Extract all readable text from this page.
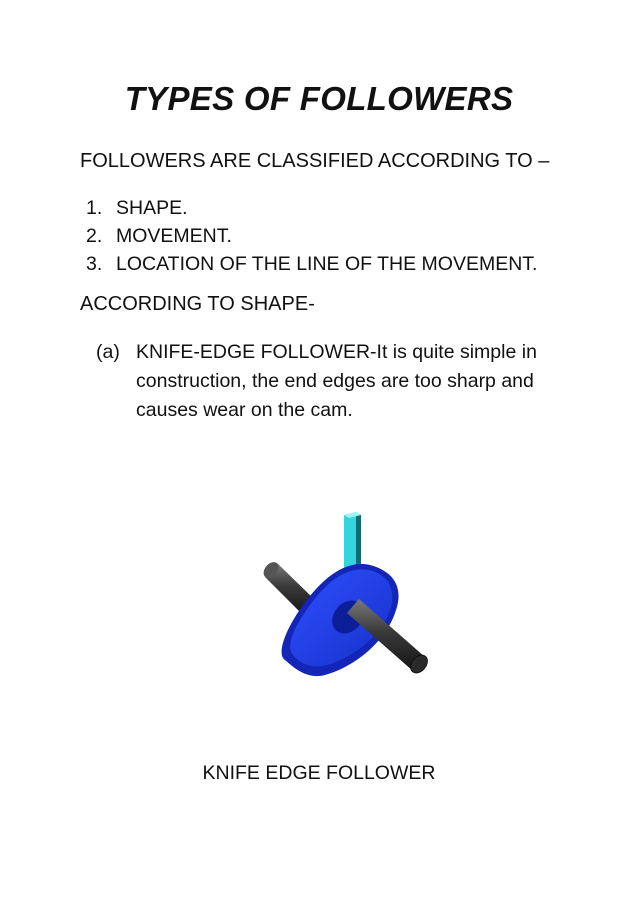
TYPES OF FOLLOWERS
FOLLOWERS ARE CLASSIFIED ACCORDING TO –
1. SHAPE.
2. MOVEMENT.
3. LOCATION OF THE LINE OF THE MOVEMENT.
ACCORDING TO SHAPE-
(a) KNIFE-EDGE FOLLOWER-It is quite simple in construction, the end edges are too sharp and causes wear on the cam.
KNIFE EDGE FOLLOWER
